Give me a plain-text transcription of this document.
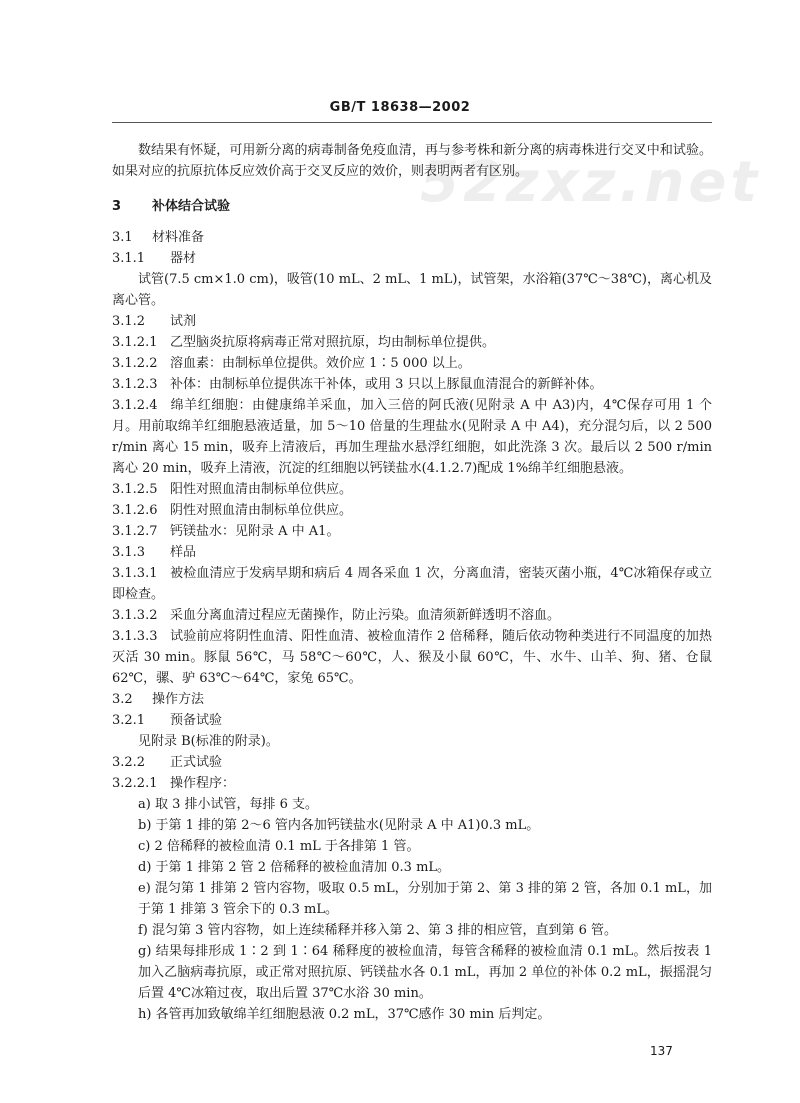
GB/T 18638—2002
52zxz.net

数结果有怀疑，可用新分离的病毒制备免疫血清，再与参考株和新分离的病毒株进行交叉中和试验。如果对应的抗原抗体反应效价高于交叉反应的效价，则表明两者有区别。

3 补体结合试验

3.1 材料准备

3.1.1 器材

试管(7.5 cm×1.0 cm)，吸管(10 mL、2 mL、1 mL)，试管架，水浴箱(37℃～38℃)，离心机及离心管。

3.1.2 试剂

3.1.2.1 乙型脑炎抗原将病毒正常对照抗原，均由制标单位提供。

3.1.2.2 溶血素：由制标单位提供。效价应 1∶5 000 以上。

3.1.2.3 补体：由制标单位提供冻干补体，或用 3 只以上豚鼠血清混合的新鲜补体。

3.1.2.4 绵羊红细胞：由健康绵羊采血，加入三倍的阿氏液(见附录 A 中 A3)内，4℃保存可用 1 个月。用前取绵羊红细胞悬液适量，加 5～10 倍量的生理盐水(见附录 A 中 A4)，充分混匀后，以 2 500 r/min 离心 15 min，吸弃上清液后，再加生理盐水悬浮红细胞，如此洗涤 3 次。最后以 2 500 r/min 离心 20 min，吸弃上清液，沉淀的红细胞以钙镁盐水(4.1.2.7)配成 1%绵羊红细胞悬液。

3.1.2.5 阳性对照血清由制标单位供应。

3.1.2.6 阴性对照血清由制标单位供应。

3.1.2.7 钙镁盐水：见附录 A 中 A1。

3.1.3 样品

3.1.3.1 被检血清应于发病早期和病后 4 周各采血 1 次，分离血清，密装灭菌小瓶，4℃冰箱保存或立即检查。

3.1.3.2 采血分离血清过程应无菌操作，防止污染。血清须新鲜透明不溶血。

3.1.3.3 试验前应将阴性血清、阳性血清、被检血清作 2 倍稀释，随后依动物种类进行不同温度的加热灭活 30 min。豚鼠 56℃，马 58℃～60℃，人、猴及小鼠 60℃，牛、水牛、山羊、狗、猪、仓鼠 62℃，骡、驴 63℃～64℃，家兔 65℃。

3.2 操作方法

3.2.1 预备试验

见附录 B(标准的附录)。

3.2.2 正式试验

3.2.2.1 操作程序：

a) 取 3 排小试管，每排 6 支。

b) 于第 1 排的第 2～6 管内各加钙镁盐水(见附录 A 中 A1)0.3 mL。

c) 2 倍稀释的被检血清 0.1 mL 于各排第 1 管。

d) 于第 1 排第 2 管 2 倍稀释的被检血清加 0.3 mL。

e) 混匀第 1 排第 2 管内容物，吸取 0.5 mL，分别加于第 2、第 3 排的第 2 管，各加 0.1 mL，加于第 1 排第 3 管余下的 0.3 mL。

f) 混匀第 3 管内容物，如上连续稀释并移入第 2、第 3 排的相应管，直到第 6 管。

g) 结果每排形成 1∶2 到 1∶64 稀释度的被检血清，每管含稀释的被检血清 0.1 mL。然后按表 1 加入乙脑病毒抗原，或正常对照抗原、钙镁盐水各 0.1 mL，再加 2 单位的补体 0.2 mL，振摇混匀后置 4℃冰箱过夜，取出后置 37℃水浴 30 min。

h) 各管再加致敏绵羊红细胞悬液 0.2 mL，37℃感作 30 min 后判定。

137
